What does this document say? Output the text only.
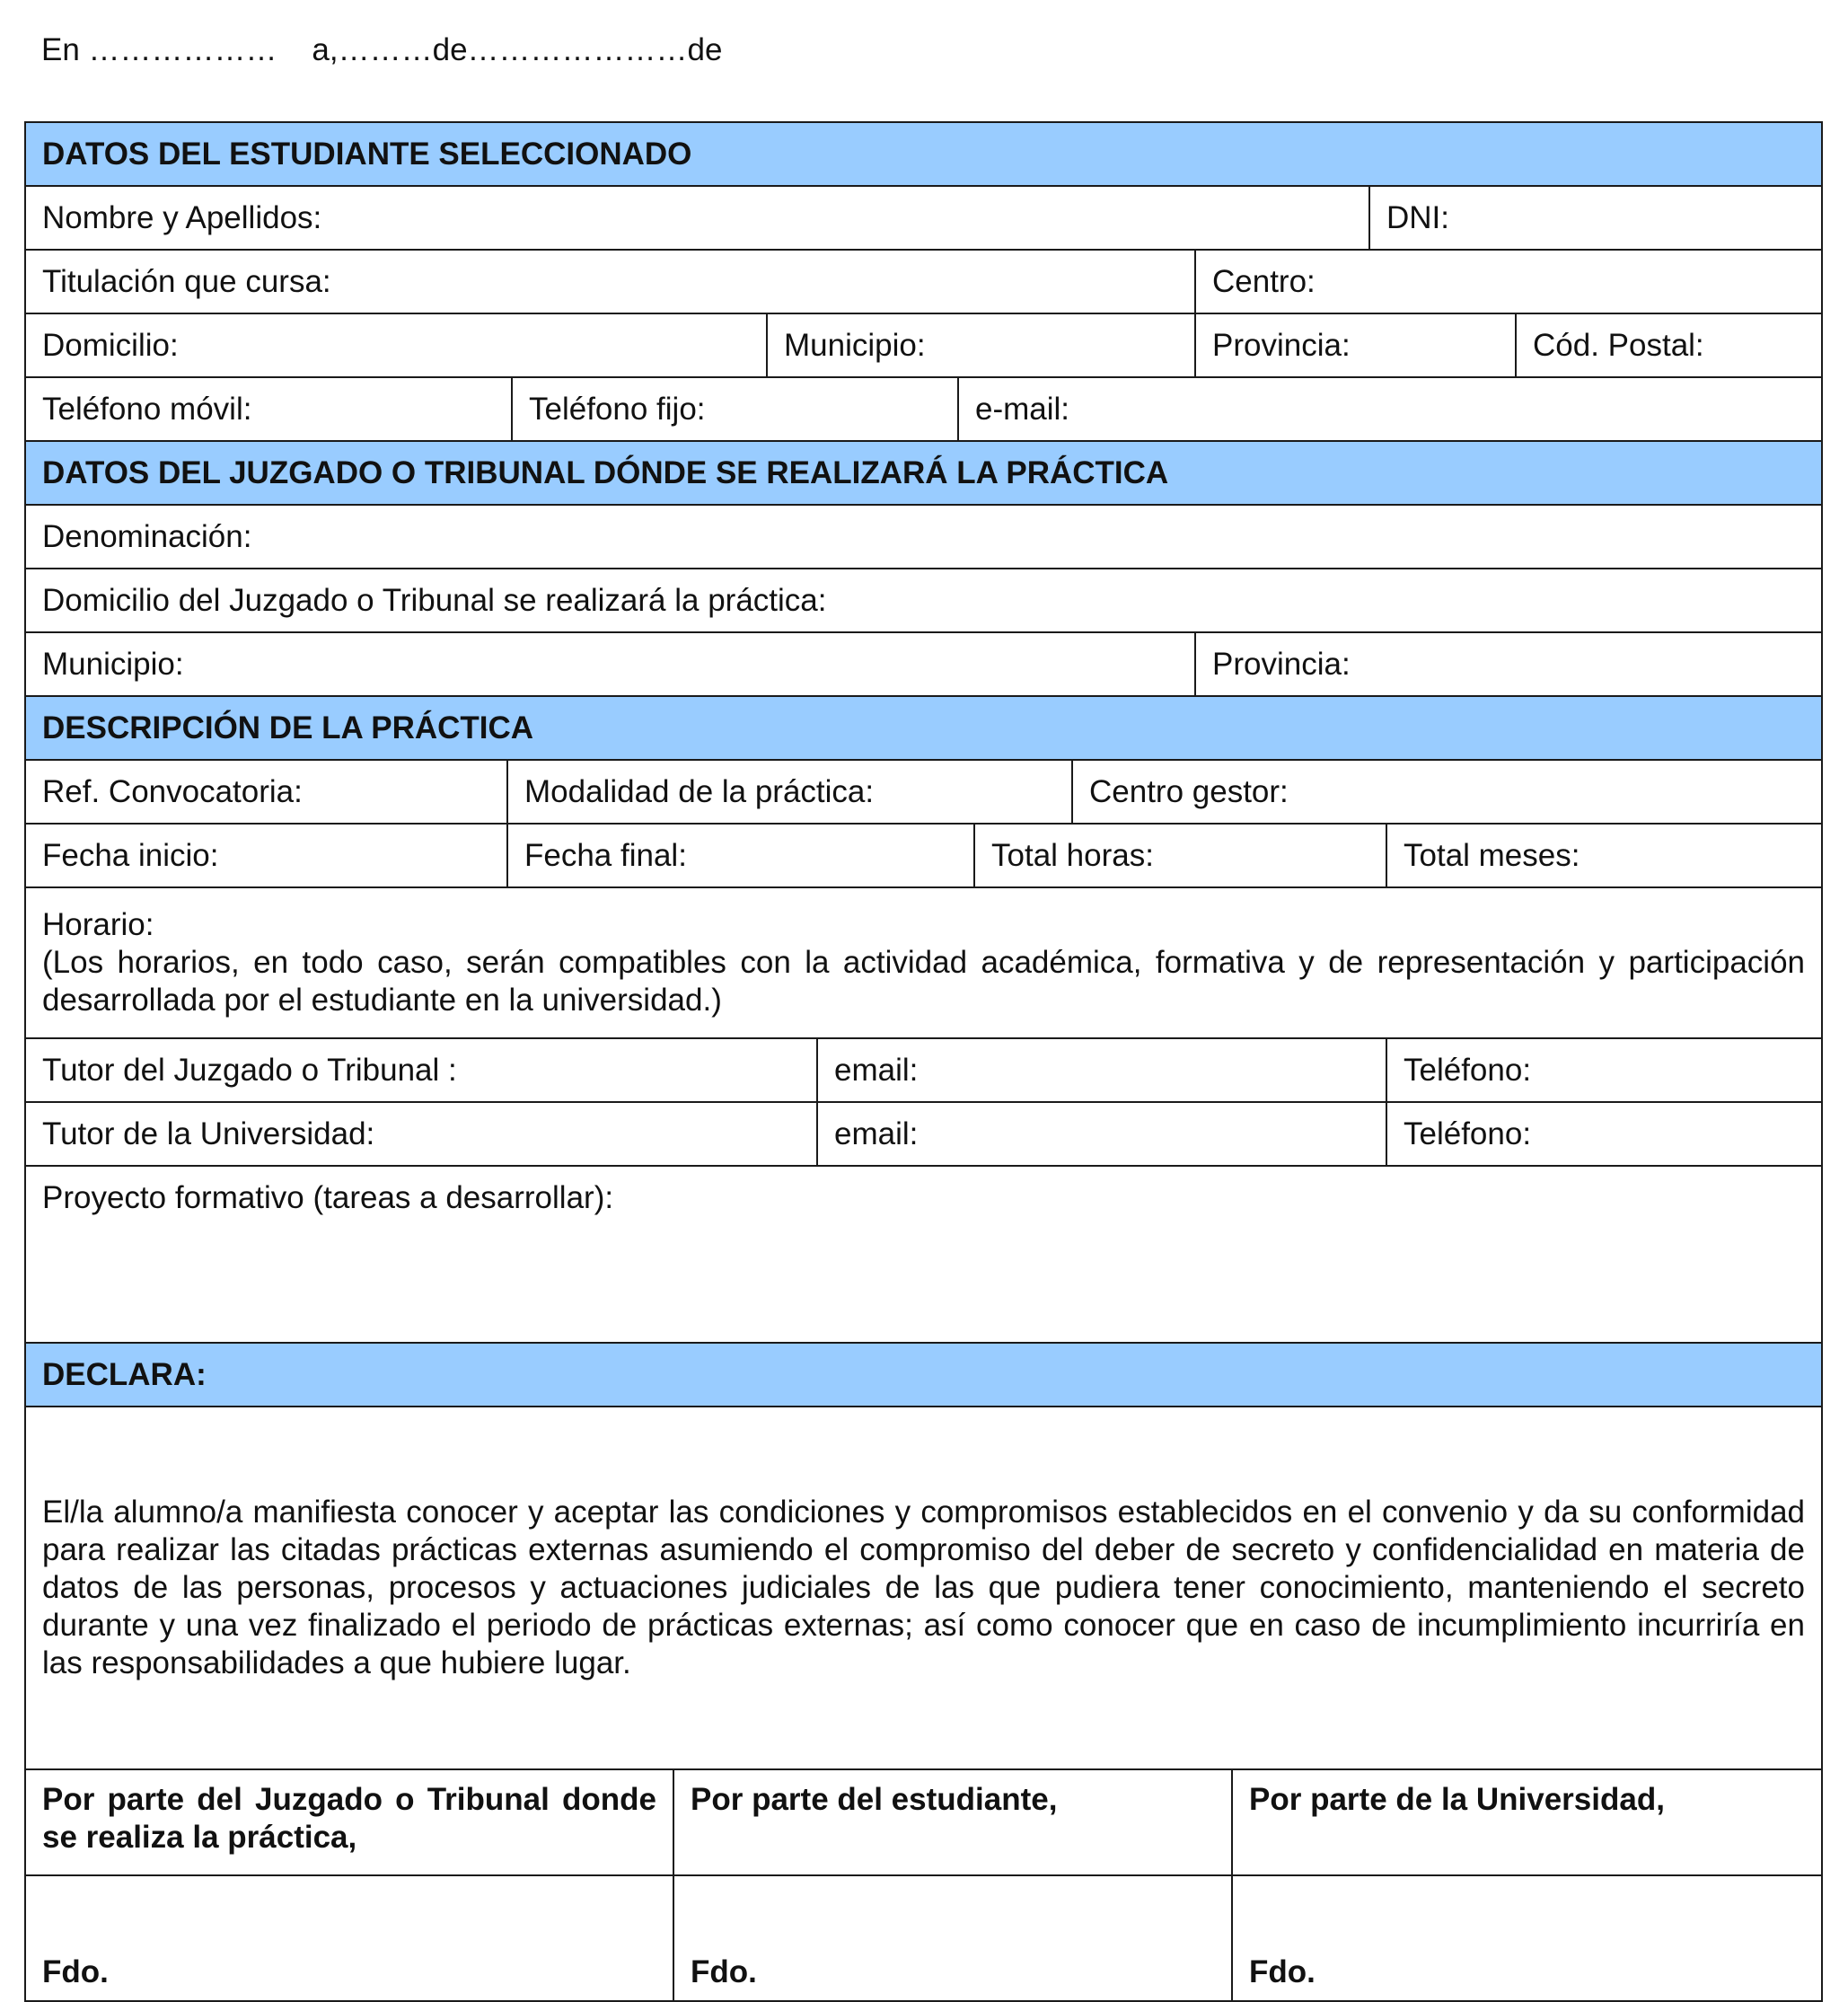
En ………………    a,………de…………………de
DATOS DEL ESTUDIANTE SELECCIONADO
Nombre y Apellidos:	DNI:
Titulación que cursa:	Centro:
Domicilio:	Municipio:	Provincia:	Cód. Postal:
Teléfono móvil:	Teléfono fijo:	e-mail:
DATOS DEL JUZGADO O TRIBUNAL DÓNDE SE REALIZARÁ LA PRÁCTICA
Denominación:
Domicilio del Juzgado o Tribunal se realizará la práctica:
Municipio:	Provincia:
DESCRIPCIÓN DE LA PRÁCTICA
Ref. Convocatoria:	Modalidad de la práctica:	Centro gestor:
Fecha inicio:	Fecha final:	Total horas:	Total meses:
Horario:
(Los horarios, en todo caso, serán compatibles con la actividad académica, formativa y de representación y participación desarrollada por el estudiante en la universidad.)
Tutor del Juzgado o Tribunal :	email:	Teléfono:
Tutor de la Universidad:	email:	Teléfono:
Proyecto formativo (tareas a desarrollar):
DECLARA:
El/la alumno/a manifiesta conocer y aceptar las condiciones y compromisos establecidos en el convenio y da su conformidad para realizar las citadas prácticas externas asumiendo el compromiso del deber de secreto y confidencialidad en materia de datos de las personas, procesos y actuaciones judiciales de las que pudiera tener conocimiento, manteniendo el secreto durante y una vez finalizado el periodo de prácticas externas; así como conocer que en caso de incumplimiento incurriría en las responsabilidades a que hubiere lugar.
Por parte del Juzgado o Tribunal donde se realiza la práctica,	Por parte del estudiante,	Por parte de la Universidad,
Fdo.	Fdo.	Fdo.
